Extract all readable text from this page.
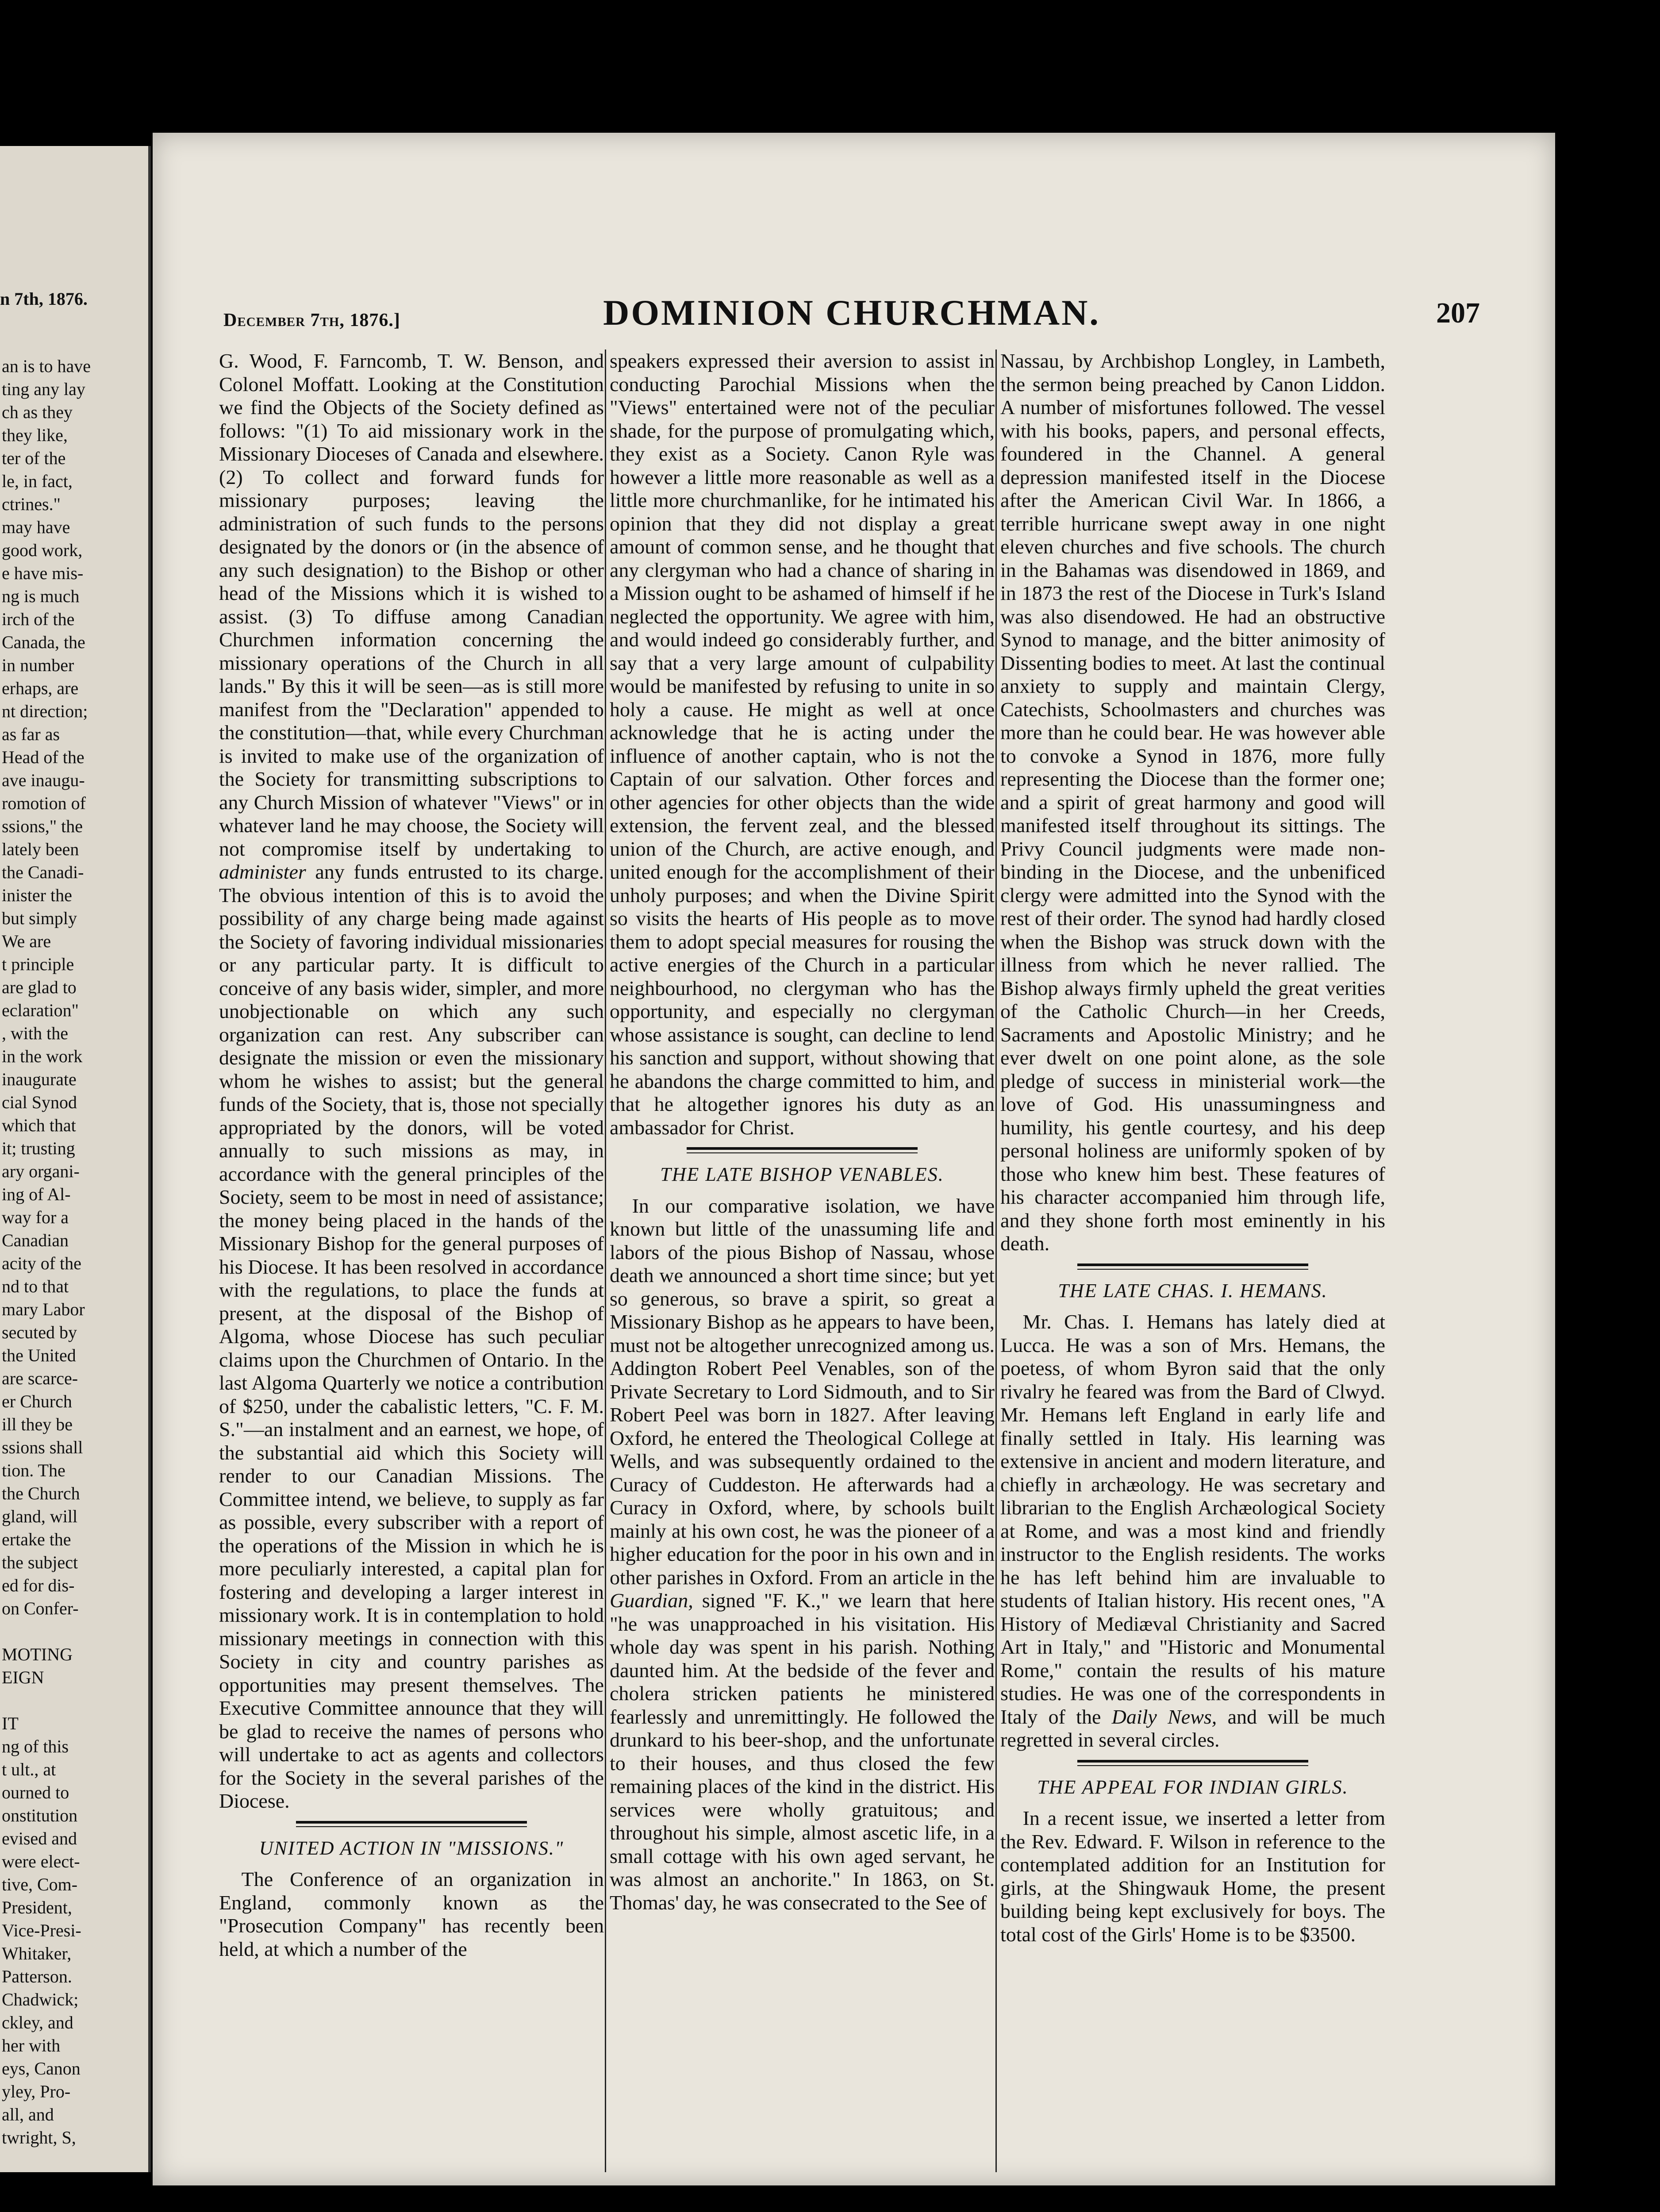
n 7th, 1876.
an is to have
ting any lay
ch as they
they like,
ter of the
le, in fact,
ctrines."
may have
good work,
e have mis-
ng is much
irch of the
Canada, the
in number
erhaps, are
nt direction;
as far as
Head of the
ave inaugu-
romotion of
ssions," the
lately been
the Canadi-
inister the
but simply
We are
t principle
are glad to
eclaration"
, with the
in the work
inaugurate
cial Synod
which that
it; trusting
ary organi-
ing of Al-
way for a
Canadian
acity of the
nd to that
mary Labor
secuted by
the United
are scarce-
er Church
ill they be
ssions shall
tion. The
the Church
gland, will
ertake the
the subject
ed for dis-
on Confer-
MOTING
EIGN
IT
ng of this
t ult., at
ourned to
onstitution
evised and
were elect-
tive, Com-
President,
Vice-Presi-
Whitaker,
Patterson.
Chadwick;
ckley, and
her with
eys, Canon
yley, Pro-
all, and
twright, S,
December 7th, 1876.]	DOMINION CHURCHMAN.	207

G. Wood, F. Farncomb, T. W. Benson, and Colonel Moffatt. Looking at the Constitution we find the Objects of the Society defined as follows: "(1) To aid missionary work in the Missionary Dioceses of Canada and elsewhere. (2) To collect and forward funds for missionary purposes; leaving the administration of such funds to the persons designated by the donors or (in the absence of any such designation) to the Bishop or other head of the Missions which it is wished to assist. (3) To diffuse among Canadian Churchmen information concerning the missionary operations of the Church in all lands." By this it will be seen—as is still more manifest from the "Declaration" appended to the constitution—that, while every Churchman is invited to make use of the organization of the Society for transmitting subscriptions to any Church Mission of whatever "Views" or in whatever land he may choose, the Society will not compromise itself by undertaking to administer any funds entrusted to its charge. The obvious intention of this is to avoid the possibility of any charge being made against the Society of favoring individual missionaries or any particular party. It is difficult to conceive of any basis wider, simpler, and more unobjectionable on which any such organization can rest. Any subscriber can designate the mission or even the missionary whom he wishes to assist; but the general funds of the Society, that is, those not specially appropriated by the donors, will be voted annually to such missions as may, in accordance with the general principles of the Society, seem to be most in need of assistance; the money being placed in the hands of the Missionary Bishop for the general purposes of his Diocese. It has been resolved in accordance with the regulations, to place the funds at present, at the disposal of the Bishop of Algoma, whose Diocese has such peculiar claims upon the Churchmen of Ontario. In the last Algoma Quarterly we notice a contribution of $250, under the cabalistic letters, "C. F. M. S."—an instalment and an earnest, we hope, of the substantial aid which this Society will render to our Canadian Missions. The Committee intend, we believe, to supply as far as possible, every subscriber with a report of the operations of the Mission in which he is more peculiarly interested, a capital plan for fostering and developing a larger interest in missionary work. It is in contemplation to hold missionary meetings in connection with this Society in city and country parishes as opportunities may present themselves. The Executive Committee announce that they will be glad to receive the names of persons who will undertake to act as agents and collectors for the Society in the several parishes of the Diocese.

UNITED ACTION IN "MISSIONS."

The Conference of an organization in England, commonly known as the "Prosecution Company" has recently been held, at which a number of the

speakers expressed their aversion to assist in conducting Parochial Missions when the "Views" entertained were not of the peculiar shade, for the purpose of promulgating which, they exist as a Society. Canon Ryle was however a little more reasonable as well as a little more churchmanlike, for he intimated his opinion that they did not display a great amount of common sense, and he thought that any clergyman who had a chance of sharing in a Mission ought to be ashamed of himself if he neglected the opportunity. We agree with him, and would indeed go considerably further, and say that a very large amount of culpability would be manifested by refusing to unite in so holy a cause. He might as well at once acknowledge that he is acting under the influence of another captain, who is not the Captain of our salvation. Other forces and other agencies for other objects than the wide extension, the fervent zeal, and the blessed union of the Church, are active enough, and united enough for the accomplishment of their unholy purposes; and when the Divine Spirit so visits the hearts of His people as to move them to adopt special measures for rousing the active energies of the Church in a particular neighbourhood, no clergyman who has the opportunity, and especially no clergyman whose assistance is sought, can decline to lend his sanction and support, without showing that he abandons the charge committed to him, and that he altogether ignores his duty as an ambassador for Christ.

THE LATE BISHOP VENABLES.

In our comparative isolation, we have known but little of the unassuming life and labors of the pious Bishop of Nassau, whose death we announced a short time since; but yet so generous, so brave a spirit, so great a Missionary Bishop as he appears to have been, must not be altogether unrecognized among us. Addington Robert Peel Venables, son of the Private Secretary to Lord Sidmouth, and to Sir Robert Peel was born in 1827. After leaving Oxford, he entered the Theological College at Wells, and was subsequently ordained to the Curacy of Cuddeston. He afterwards had a Curacy in Oxford, where, by schools built mainly at his own cost, he was the pioneer of a higher education for the poor in his own and in other parishes in Oxford. From an article in the Guardian, signed "F. K.," we learn that here "he was unapproached in his visitation. His whole day was spent in his parish. Nothing daunted him. At the bedside of the fever and cholera stricken patients he ministered fearlessly and unremittingly. He followed the drunkard to his beer-shop, and the unfortunate to their houses, and thus closed the few remaining places of the kind in the district. His services were wholly gratuitous; and throughout his simple, almost ascetic life, in a small cottage with his own aged servant, he was almost an anchorite." In 1863, on St. Thomas' day, he was consecrated to the See of

Nassau, by Archbishop Longley, in Lambeth, the sermon being preached by Canon Liddon. A number of misfortunes followed. The vessel with his books, papers, and personal effects, foundered in the Channel. A general depression manifested itself in the Diocese after the American Civil War. In 1866, a terrible hurricane swept away in one night eleven churches and five schools. The church in the Bahamas was disendowed in 1869, and in 1873 the rest of the Diocese in Turk's Island was also disendowed. He had an obstructive Synod to manage, and the bitter animosity of Dissenting bodies to meet. At last the continual anxiety to supply and maintain Clergy, Catechists, Schoolmasters and churches was more than he could bear. He was however able to convoke a Synod in 1876, more fully representing the Diocese than the former one; and a spirit of great harmony and good will manifested itself throughout its sittings. The Privy Council judgments were made non-binding in the Diocese, and the unbenificed clergy were admitted into the Synod with the rest of their order. The synod had hardly closed when the Bishop was struck down with the illness from which he never rallied. The Bishop always firmly upheld the great verities of the Catholic Church—in her Creeds, Sacraments and Apostolic Ministry; and he ever dwelt on one point alone, as the sole pledge of success in ministerial work—the love of God. His unassumingness and humility, his gentle courtesy, and his deep personal holiness are uniformly spoken of by those who knew him best. These features of his character accompanied him through life, and they shone forth most eminently in his death.

THE LATE CHAS. I. HEMANS.

Mr. Chas. I. Hemans has lately died at Lucca. He was a son of Mrs. Hemans, the poetess, of whom Byron said that the only rivalry he feared was from the Bard of Clwyd. Mr. Hemans left England in early life and finally settled in Italy. His learning was extensive in ancient and modern literature, and chiefly in archæology. He was secretary and librarian to the English Archæological Society at Rome, and was a most kind and friendly instructor to the English residents. The works he has left behind him are invaluable to students of Italian history. His recent ones, "A History of Mediæval Christianity and Sacred Art in Italy," and "Historic and Monumental Rome," contain the results of his mature studies. He was one of the correspondents in Italy of the Daily News, and will be much regretted in several circles.

THE APPEAL FOR INDIAN GIRLS.

In a recent issue, we inserted a letter from the Rev. Edward. F. Wilson in reference to the contemplated addition for an Institution for girls, at the Shingwauk Home, the present building being kept exclusively for boys. The total cost of the Girls' Home is to be $3500.
